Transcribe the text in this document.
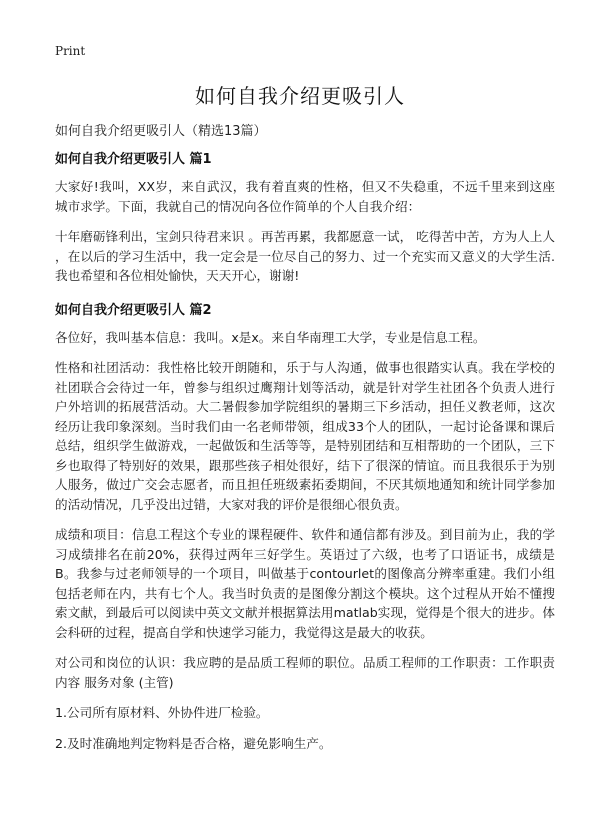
Print
如何自我介绍更吸引人
如何自我介绍更吸引人（精选13篇）
如何自我介绍更吸引人 篇1

大家好!我叫，XX岁，来自武汉，我有着直爽的性格，但又不失稳重，不远千里来到这座城市求学。下面，我就自己的情况向各位作简单的个人自我介绍：

十年磨砺锋利出，宝剑只待君来识 。再苦再累，我都愿意一试， 吃得苦中苦，方为人上人 ，在以后的学习生活中，我一定会是一位尽自己的努力、过一个充实而又意义的大学生活.我也希望和各位相处愉快，天天开心，谢谢!

如何自我介绍更吸引人 篇2

各位好，我叫基本信息：我叫。x是x。来自华南理工大学，专业是信息工程。

性格和社团活动：我性格比较开朗随和，乐于与人沟通，做事也很踏实认真。我在学校的社团联合会待过一年，曾参与组织过鹰翔计划等活动，就是针对学生社团各个负责人进行户外培训的拓展营活动。大二暑假参加学院组织的暑期三下乡活动，担任义教老师，这次经历让我印象深刻。当时我们由一名老师带领，组成33个人的团队，一起讨论备课和课后总结，组织学生做游戏，一起做饭和生活等等，是特别团结和互相帮助的一个团队，三下乡也取得了特别好的效果，跟那些孩子相处很好，结下了很深的情谊。而且我很乐于为别人服务，做过广交会志愿者，而且担任班级素拓委期间，不厌其烦地通知和统计同学参加的活动情况，几乎没出过错，大家对我的评价是很细心很负责。

成绩和项目：信息工程这个专业的课程硬件、软件和通信都有涉及。到目前为止，我的学习成绩排名在前20%，获得过两年三好学生。英语过了六级，也考了口语证书，成绩是B。我参与过老师领导的一个项目，叫做基于contourlet的图像高分辨率重建。我们小组包括老师在内，共有七个人。我当时负责的是图像分割这个模块。这个过程从开始不懂搜索文献，到最后可以阅读中英文文献并根据算法用matlab实现，觉得是个很大的进步。体会科研的过程，提高自学和快速学习能力，我觉得这是最大的收获。

对公司和岗位的认识：我应聘的是品质工程师的职位。品质工程师的工作职责：工作职责内容 服务对象 (主管)

1.公司所有原材料、外协件进厂检验。

2.及时准确地判定物料是否合格，避免影响生产。
